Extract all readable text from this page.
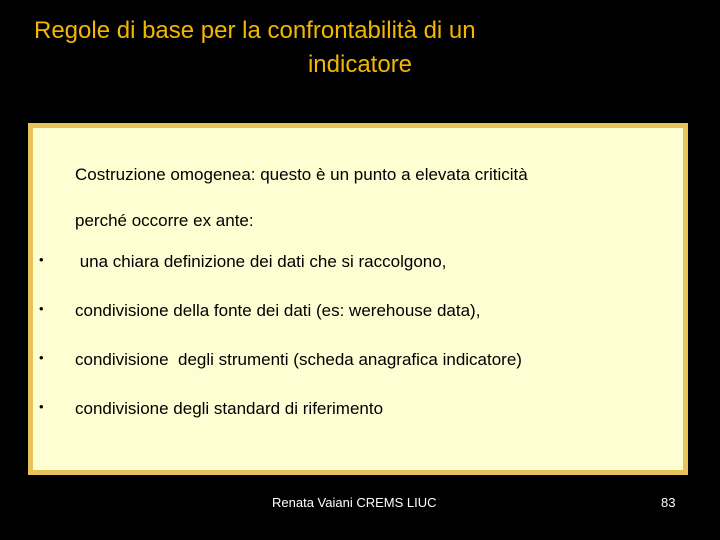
Regole di base per la confrontabilità di un
indicatore
Costruzione omogenea: questo è un punto a elevata criticità
perché occorre ex ante:
• una chiara definizione dei dati che si raccolgono,
• condivisione della fonte dei dati (es: werehouse data),
• condivisione  degli strumenti (scheda anagrafica indicatore)
• condivisione degli standard di riferimento
Renata Vaiani CREMS LIUC	83
